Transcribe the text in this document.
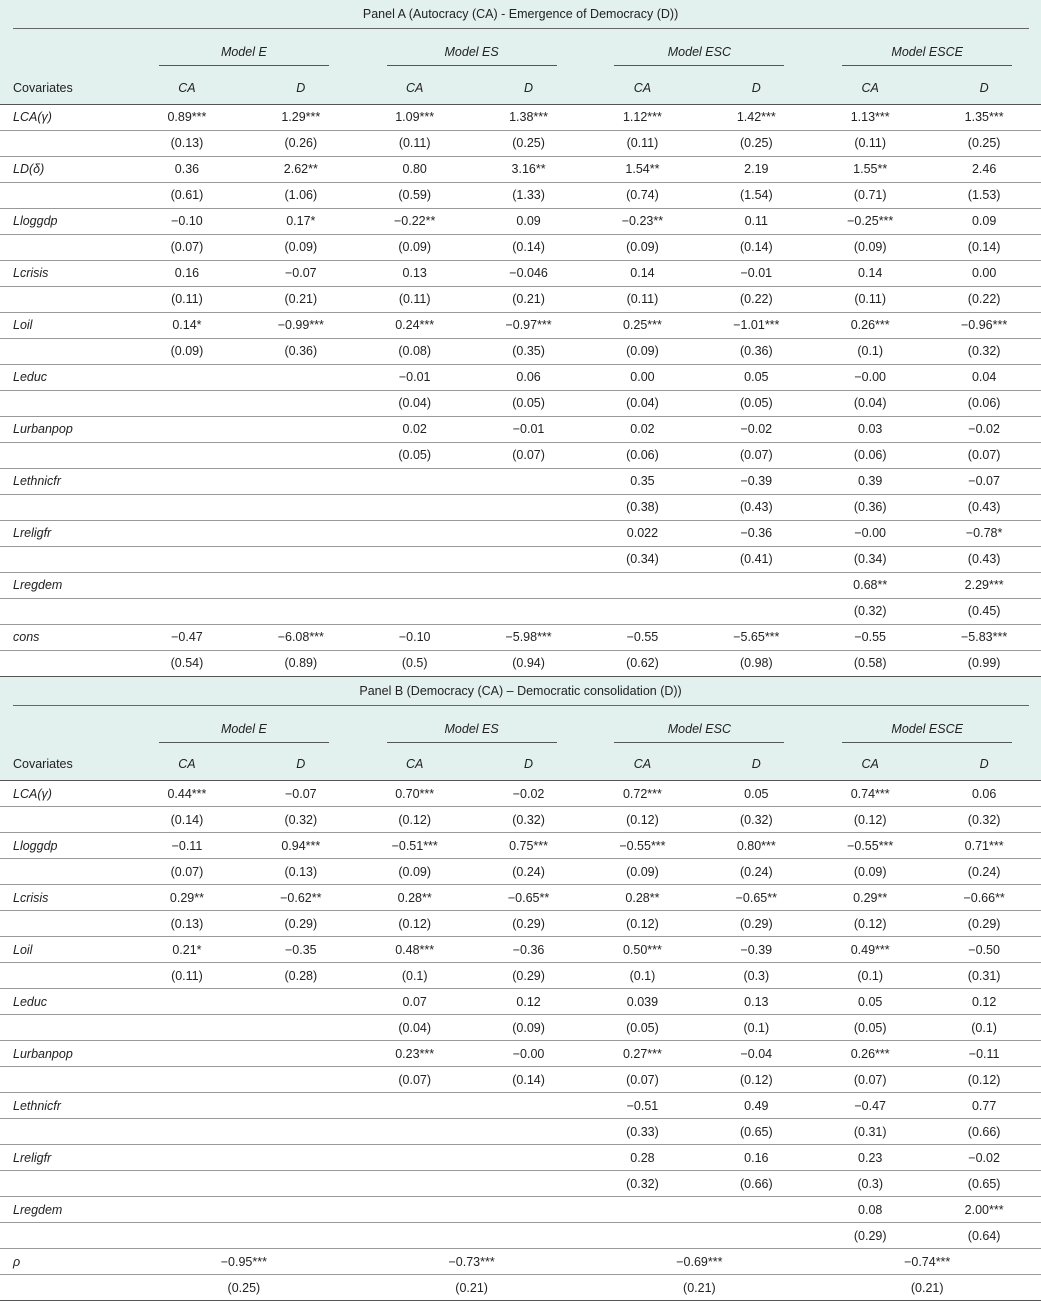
Panel A (Autocracy (CA) - Emergence of Democracy (D))								

	Model E		Model ES		Model ESC		Model ESCE	

Covariates	CA	D	CA	D	CA	D	CA	D
LCA(γ)	0.89***	1.29***	1.09***	1.38***	1.12***	1.42***	1.13***	1.35***
	(0.13)	(0.26)	(0.11)	(0.25)	(0.11)	(0.25)	(0.11)	(0.25)
LD(δ)	0.36	2.62**	0.80	3.16**	1.54**	2.19	1.55**	2.46
	(0.61)	(1.06)	(0.59)	(1.33)	(0.74)	(1.54)	(0.71)	(1.53)
Lloggdp	−0.10	0.17*	−0.22**	0.09	−0.23**	0.11	−0.25***	0.09
	(0.07)	(0.09)	(0.09)	(0.14)	(0.09)	(0.14)	(0.09)	(0.14)
Lcrisis	0.16	−0.07	0.13	−0.046	0.14	−0.01	0.14	0.00
	(0.11)	(0.21)	(0.11)	(0.21)	(0.11)	(0.22)	(0.11)	(0.22)
Loil	0.14*	−0.99***	0.24***	−0.97***	0.25***	−1.01***	0.26***	−0.96***
	(0.09)	(0.36)	(0.08)	(0.35)	(0.09)	(0.36)	(0.1)	(0.32)
Leduc			−0.01	0.06	0.00	0.05	−0.00	0.04
			(0.04)	(0.05)	(0.04)	(0.05)	(0.04)	(0.06)
Lurbanpop			0.02	−0.01	0.02	−0.02	0.03	−0.02
			(0.05)	(0.07)	(0.06)	(0.07)	(0.06)	(0.07)
Lethnicfr					0.35	−0.39	0.39	−0.07
					(0.38)	(0.43)	(0.36)	(0.43)
Lreligfr					0.022	−0.36	−0.00	−0.78*
					(0.34)	(0.41)	(0.34)	(0.43)
Lregdem							0.68**	2.29***
							(0.32)	(0.45)
cons	−0.47	−6.08***	−0.10	−5.98***	−0.55	−5.65***	−0.55	−5.83***
	(0.54)	(0.89)	(0.5)	(0.94)	(0.62)	(0.98)	(0.58)	(0.99)
Panel B (Democracy (CA) – Democratic consolidation (D))								

	Model E		Model ES		Model ESC		Model ESCE	

Covariates	CA	D	CA	D	CA	D	CA	D
LCA(γ)	0.44***	−0.07	0.70***	−0.02	0.72***	0.05	0.74***	0.06
	(0.14)	(0.32)	(0.12)	(0.32)	(0.12)	(0.32)	(0.12)	(0.32)
Lloggdp	−0.11	0.94***	−0.51***	0.75***	−0.55***	0.80***	−0.55***	0.71***
	(0.07)	(0.13)	(0.09)	(0.24)	(0.09)	(0.24)	(0.09)	(0.24)
Lcrisis	0.29**	−0.62**	0.28**	−0.65**	0.28**	−0.65**	0.29**	−0.66**
	(0.13)	(0.29)	(0.12)	(0.29)	(0.12)	(0.29)	(0.12)	(0.29)
Loil	0.21*	−0.35	0.48***	−0.36	0.50***	−0.39	0.49***	−0.50
	(0.11)	(0.28)	(0.1)	(0.29)	(0.1)	(0.3)	(0.1)	(0.31)
Leduc			0.07	0.12	0.039	0.13	0.05	0.12
			(0.04)	(0.09)	(0.05)	(0.1)	(0.05)	(0.1)
Lurbanpop			0.23***	−0.00	0.27***	−0.04	0.26***	−0.11
			(0.07)	(0.14)	(0.07)	(0.12)	(0.07)	(0.12)
Lethnicfr					−0.51	0.49	−0.47	0.77
					(0.33)	(0.65)	(0.31)	(0.66)
Lreligfr					0.28	0.16	0.23	−0.02
					(0.32)	(0.66)	(0.3)	(0.65)
Lregdem							0.08	2.00***
							(0.29)	(0.64)
ρ	−0.95***		−0.73***		−0.69***		−0.74***	
	(0.25)		(0.21)		(0.21)		(0.21)	
